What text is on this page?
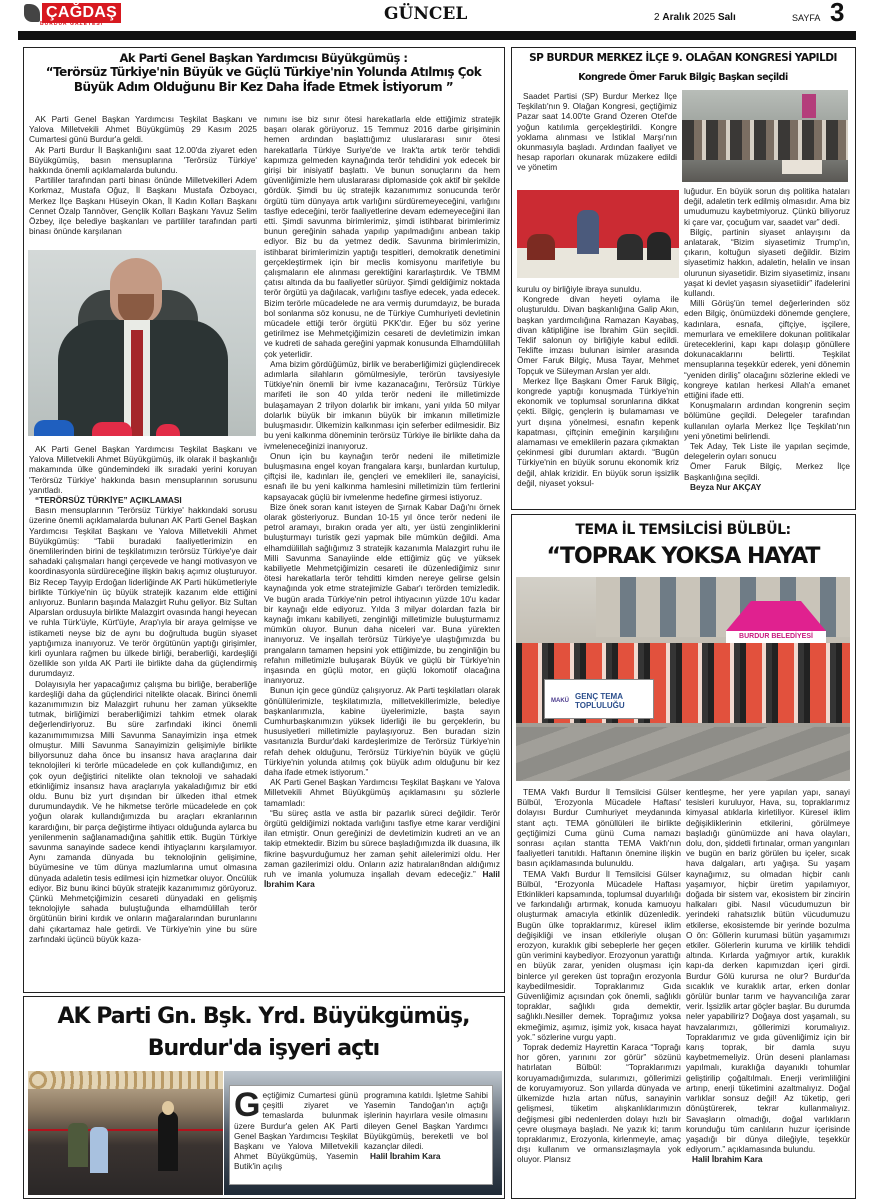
ÇAĞDAŞ
BURDUR GAZETESİ	GÜNCEL	2 Aralık 2025 Salı	SAYFA 3
Ak Parti Genel Başkan Yardımcısı Büyükgümüş :
“Terörsüz Türkiye'nin Büyük ve Güçlü Türkiye'nin Yolunda Atılmış Çok
Büyük Adım Olduğunu Bir Kez Daha İfade Etmek İstiyorum ”

AK Parti Genel Başkan Yardımcısı Teşkilat Başkanı ve Yalova Milletvekili Ahmet Büyükgümüş 29 Kasım 2025 Cumartesi günü Burdur'a geldi.

Ak Parti Burdur İl Başkanlığını saat 12.00'da ziyaret eden Büyükgümüş, basın mensuplarına 'Terörsüz Türkiye' hakkında önemli açıklamalarda bulundu.

Partililer tarafından parti binası önünde Milletvekilleri Adem Korkmaz, Mustafa Oğuz, İl Başkanı Mustafa Özboyacı, Merkez İlçe Başkanı Hüseyin Okan, İl Kadın Kolları Başkanı Cennet Özalp Tannöver, Gençlik Kolları Başkanı Yavuz Selim Özbey, ilçe belediye başkanları ve partililer tarafından parti binası önünde karşılanan

AK Parti Genel Başkan Yardımcısı Teşkilat Başkanı ve Yalova Milletvekili Ahmet Büyükgümüş, ilk olarak il başkanlığı makamında ülke gündemindeki ilk sıradaki yerini koruyan 'Terörsüz Türkiye' hakkında basın mensuplarının sorusunu yanıtladı.

“TERÖRSÜZ TÜRKİYE” AÇIKLAMASI

Basın mensuplarının 'Terörsüz Türkiye' hakkındaki sorusu üzerine önemli açıklamalarda bulunan AK Parti Genel Başkan Yardımcısı Teşkilat Başkanı ve Yalova Milletvekili Ahmet Büyükgümüş: “Tabii buradaki faaliyetlerimizin en önemlilerinden birini de teşkilatımızın terörsüz Türkiye'ye dair sahadaki çalışmaları hangi çerçevede ve hangi motivasyon ve koordinasyonla sürdüreceğine ilişkin bakış açımız oluşturuyor. Biz Recep Tayyip Erdoğan liderliğinde AK Parti hükümetleriyle birlikte Türkiye'nin üç büyük stratejik kazanım elde ettiğini anlıyoruz. Bunların başında Malazgirt Ruhu geliyor. Biz Sultan Alparslan ordusuyla birlikte Malazgirt ovasında hangi heyecan ve ruhla Türk'üyle, Kürt'üyle, Arap'ıyla bir araya gelmişse ve istikameti neyse biz de aynı bu doğrultuda bugün siyaset yaptığımıza inanıyoruz. Ve terör örgütünün yaptığı girişimler, kirli oyunlara rağmen bu ülkede birliği, beraberliği, kardeşliği özellikle son yılda AK Parti ile birlikte daha da güçlendirmiş durumdayız.

Dolayısıyla her yapacağımız çalışma bu birliğe, beraberliğe kardeşliği daha da güçlendirici nitelikte olacak. Birinci önemli kazanımımızın biz Malazgirt ruhunu her zaman yükseklte tutmak, birliğimizi beraberliğimizi tahkim etmek olarak değerlendiriyoruz. Bu süre zarfındaki ikinci önemli kazanımımımızsa Milli Savunma Sanayimizin inşa etmek olmuştur. Milli Savunma Sanayimizin gelişimiyle birlikte biliyorsunuz daha önce bu insansız hava araçlarına dair teknolojileri ki terörle mücadelede en çok kullandığımız, en çok oyun değiştirici nitelikte olan teknoloji ve sahadaki etkinliğimiz insansız hava araçlarıyla yakaladığımız bir etki oldu. Bunu biz yurt dışından bir ülkeden ithal etmek durumundaydık. Ve he hikmetse terörle mücadelede en çok yoğun olarak kullandığımızda bu araçları ekranlarının karardığını, bir parça değiştirme ihtiyacı olduğunda aylarca bu yenilenmenin sağlanamadığına şahitlik ettik. Bugün Türkiye savunma sanayinde sadece kendi ihtiyaçlarını karşılamıyor. Aynı zamanda dünyada bu teknolojinin gelişimine, büyümesine ve tüm dünya mazlumlarına umut olmasına dünyada adaletin tesis edilmesi için hizmetkar oluyor. Öncülük ediyor. Biz bunu ikinci büyük stratejik kazanımımız görüyoruz. Çünkü Mehmetçiğimizin cesareti dünyadaki en gelişmiş teknolojiyle sahada buluştuğunda elhamdülillah terör örgütünün birini kırdık ve onların mağaralarından burunlarını dahi çıkartamaz hale getirdi. Ve Türkiye'nin yine bu süre zarfındaki üçüncü büyük kaza-

nımını ise biz sınır ötesi harekatlarla elde ettiğimiz stratejik başarı olarak görüyoruz. 15 Temmuz 2016 darbe girişiminin hemen ardından başlattığımız uluslararası sınır ötesi harekatlarla Türkiye Suriye'de ve Irak'ta artık terör tehdidi kapımıza gelmeden kaynağında terör tehdidini yok edecek bir girişi bir inisiyatif başlattı. Ve bunun sonuçlarını da hem güvenliğimizle hem uluslararası diplomaside çok aktif bir şekilde gördük. Şimdi bu üç stratejik kazanımımız sonucunda terör örgütü tüm dünyaya artık varlığını sürdüremeyeceğini, varlığını tasfiye edeceğini, terör faaliyetlerine devam edemeyeceğini ilan etti. Şimdi savunma birimlerimiz, şimdi istihbarat birimlerimiz bunun gereğinin sahada yapılıp yapılmadığını anbean takip ediyor. Biz bu da yetmez dedik. Savunma birimlerimizin, istihbarat birimlerimizin yaptığı tespitleri, demokratik denetimini gerçekleştirmek için bir meclis komisyonu marifetiyle bu çalışmaların ele alınması gerektiğini kararlaştırdık. Ve TBMM çatısı altında da bu faaliyetler sürüyor. Şimdi geldiğimiz noktada terör örgütü ya dağılacak, varlığını tasfiye edecek, yada edecek. Bizim terörle mücadelede ne ara vermiş durumdayız, be burada bol sonlanma söz konusu, ne de Türkiye Cumhuriyeti devletinin mücadele ettiği terör örgütü PKK'dır. Eğer bu söz yerine getirilmez ise Mehmetçiğimizin cesareti de devletimizin imkan ve kudreti de sahada gereğini yapmak konusunda Elhamdülillah çok yeterlidir.

Ama bizim gördüğümüz, birlik ve beraberliğimizi güçlendirecek adımlarla silahların gömülmesiyle, terörün tavsiyesiyle Tütkiye'nin önemli bir ivme kazanacağını, Terörsüz Türkiye marifeti ile son 40 yılda terör nedeni ile milletimizde bulaşamayan 2 trilyon dolarlık bir imkanı, yani yılda 50 milyar dolarlık büyük bir imkanın büyük bir imkanın milletimizle buluşmasıdır. Ülkemizin kalkınması için seferber edilmesidir. Biz bu yeni kalkınma döneminin terörsüz Türkiye ile birlikte daha da ivmeleneceğinizi inanıyoruz.

Onun için bu kaynağın terör nedeni ile milletimizle buluşmasına engel koyan frangalara karşı, bunlardan kurtulup, çiftçisi ile, kadınları ile, gençleri ve emeklileri ile, sanayicisi, esnafı ile bu yeni kalkınma hamlesini milletimizin tüm fertlerini kapsayacak güçlü bir ivmelenme hedefine girmesi istiyoruz.

Bize önek soran kanıt isteyen de Şırnak Kabar Dağı'nı örnek olarak gösteriyoruz. Bundan 10-15 yıl önce terör nedeni ile petrol aramayı, bırakın orada yer altı, yer üstü zenginliklerini buluşturmayı turistik gezi yapmak bile mümkün değildi. Ama elhamdülillah sağlığımız 3 stratejik kazanımla Malazgirt ruhu ile Milli Savunma Sanayiinde elde ettiğimiz güç ve yüksek kabiliyetle Mehmetçiğimizin cesareti ile düzenlediğimiz sınır ötesi harekatlarla terör tehditti kimden nereye gelirse gelsin kaynağında yok etme stratejimizle Gabar'ı terörden temizledik. Ve bugün arada Türkiye'nin petrol ihtiyacının yüzde 10'u kadar bir kaynağı elde ediyoruz. Yılda 3 milyar dolardan fazla bir kaynağı imkanı kabiliyeti, zenginliği milletimizle buluşturmamız mümkün oluyor. Bunun daha niceleri var. Buna yürekten inanıyoruz. Ve inşallah terörsüz Türkiye'ye ulaştığımızda bu prangaların tamamen hepsini yok ettiğimizde, bu zenginliğin bu refahın milletimizle buluşarak Büyük ve güçlü bir Türkiye'nin inşasında en güçlü motor, en güçlü lokomotif olacağına inanıyoruz.

Bunun için gece gündüz çalışıyoruz. Ak Parti teşkilatları olarak gönüllülerimizle, teşkilatımızla, milletvekillerimizle, belediye başkanlarımızla, kabine üyelerimizle, başta sayın Cumhurbaşkanımızın yüksek liderliği ile bu gerçeklerin, bu hususiyetleri milletimizle paylaşıyoruz. Ben buradan sizin vasıtanızla Burdur'daki kardeşlerimize de Terörsüz Türkiye'nin refah dehek olduğunu, Terörsüz Türkiye'nin büyük ve güçlü Türkiye'nin yolunda atılmış çok büyük adım olduğunu bir kez daha ifade etmek istiyorum.”

AK Parti Genel Başkan Yardımcısı Teşkilat Başkanı ve Yalova Milletvekili Ahmet Büyükgümüş açıklamasını şu sözlerle tamamladı:

“Bu süreç astla ve astla bir pazarlık süreci değildir. Terör örgütü geldiğimizi noktada varlığını tasfiye etme karar verdiğini ilan etmiştir. Onun gereğinizi de devletimizin kudreti an ve an takip etmektedir. Bizim bu sürece başladığımızda ilk duasına, ilk fikrine başvurduğumuz her zaman şehit ailelerimizi oldu. Her zaman gazilerimizi oldu. Onların aziz hatıraları8ndan aldığımız ruh ve imanla yolumuza inşallah devam edeceğiz.” Halil İbrahim Kara

SP BURDUR MERKEZ İLÇE 9. OLAĞAN KONGRESİ YAPILDI
Kongrede Ömer Faruk Bilgiç Başkan seçildi

Saadet Partisi (SP) Burdur Merkez İlçe Teşkilatı'nın 9. Olağan Kongresi, geçtiğimiz Pazar saat 14.00'te Grand Özeren Otel'de yoğun katılımla gerçekleştirildi. Kongre yoklama alınması ve İstiklal Marşı'nın okunmasıyla başladı. Ardından faaliyet ve hesap raporları okunarak müzakere edildi ve yönetim

kurulu oy birliğiyle ibraya sunuldu.

Kongrede divan heyeti oylama ile oluşturuldu. Divan başkanlığına Galip Akın, başkan yardımcılığına Ramazan Kayabaş, divan kâtipliğine ise İbrahim Gün seçildi. Teklif salonun oy birliğiyle kabul edildi. Teklifte imzası bulunan isimler arasında Ömer Faruk Bilgiç, Musa Tayar, Mehmet Topçuk ve Süleyman Arslan yer aldı.

Merkez İlçe Başkanı Ömer Faruk Bilgiç, kongrede yaptığı konuşmada Türkiye'nin ekonomik ve toplumsal sorunlarına dikkat çekti. Bilgiç, gençlerin iş bulamaması ve yurt dışına yönelmesi, esnafın kepenk kapatması, çiftçinin emeğinin karşılığını alamaması ve emeklilerin pazara çıkmaktan çekinmesi gibi durumları aktardı. “Bugün Türkiye'nin en büyük sorunu ekonomik kriz değil, ahlak krizidir. En büyük sorun işsizlik değil, niyaset yoksul-

luğudur. En büyük sorun dış politika hataları değil, adaletin terk edilmiş olmasıdır. Ama biz umudumuzu kaybetmiyoruz. Çünkü biliyoruz ki çare var, çocuğum var, saadet var” dedi.

Bilgiç, partinin siyaset anlayışını da anlatarak, “Bizim siyasetimiz Trump'ın, çıkarın, koltuğun siyaseti değildir. Bizim siyasetimiz hakkın, adaletin, helalin ve insan olurunun siyasetidir. Bizim siyasetimiz, insanı yaşat ki devlet yaşasın siyasetiidir” ifadelerini kullandı.

Milli Görüş'ün temel değerlerinden söz eden Bilgiç, önümüzdeki dönemde gençlere, kadınlara, esnafa, çiftçiye, işçilere, memurlara ve emeklilere dokunan politikalar üreteceklerini, kapı kapı dolaşıp gönüllere dokunacaklarını belirtti. Teşkilat mensuplarına teşekkür ederek, yeni dönemin “yeniden diriliş” olacağını sözlerine ekledi ve kongreye katılan herkesi Allah'a emanet ettiğini ifade etti.

Konuşmaların ardından kongrenin seçim bölümüne geçildi. Delegeler tarafından kullanılan oylarla Merkez İlçe Teşkilatı'nın yeni yönetimi belirlendi.

Tek Aday, Tek Liste ile yapılan seçimde, delegelerin oyları sonucu

Ömer Faruk Bilgiç, Merkez İlçe Başkanlığına seçildi.

Beyza Nur AKÇAY

TEMA İL TEMSİLCİSİ BÜLBÜL:
“TOPRAK YOKSA HAYAT
BURDUR BELEDİYESİ
MAKÜ GENÇ TEMA TOPLULUĞU

TEMA Vakfı Burdur İl Temsilcisi Gülser Bülbül, 'Erozyonla Mücadele Haftası' dolayısı Burdur Cumhuriyet meydanında stant açtı. TEMA gönüllüleri ile birlikte geçtiğimizi Cuma günü Cuma namazı sonrası açılan stantta TEMA Vakfı'nın faaliyetleri tanıtıldı. Haftanın önemine ilişkin basın açıklamasında bulunuldu.

TEMA Vakfı Burdur İl Temsilcisi Gülser Bülbül, “Erozyonla Mücadele Haftası Etkinlikleri kapsamında, toplumsal duyarlılığı ve farkındalığı artırmak, konuda kamuoyu oluşturmak amacıyla etkinlik düzenledik. Bugün ülke topraklarımız, küresel iklim değişikliği ve insan etkileriyle oluşan erozyon, kuraklık gibi sebeplerle her geçen gün verimini kaybediyor. Erozyonun yarattığı en büyük zarar, yeniden oluşması için binlerce yıl gereken üst toprağın erozyonla kaybedilmesidir. Topraklarımız Gıda Güvenliğimiz açısından çok önemli, sağlıklı topraklar, sağlıklı gıda demektir, sağlıklı.Nesiller demek. Toprağımız yoksa ekmeğimiz, aşımız, işimiz yok, kısaca hayat yok.” sözlerine vurgu yaptı.

Toprak dedemiz Hayrettin Karaca “Toprağı hor gören, yarınını zor görür” sözünü hatırlatan Bülbül: “Topraklarımızı koruyamadığımızda, sularımızı, göllerimizi de koruyamıyoruz. Son yıllarda dünyada ve ülkemizde hızla artan nüfus, sanayinin gelişmesi, tüketim alışkanlıklarımızın değişmesi gibi nedenlerden dolayı hızlı bir çevre oluşmaya başladı. Ne yazık ki; tarım topraklarımız, Erozyonla, kirlenmeyle, amaç dışı kullanım ve ormansızlaşmayla yok oluyor. Plansız

kentleşme, her yere yapılan yapı, sanayi tesisleri kuruluyor, Hava, su, topraklarımız kimyasal atıklarla kirletiliyor. Küresel iklim değişikliklerinin etkilerini, görülmeye başladığı günümüzde ani hava olayları, dolu, don, şiddetli fırtınalar, orman yangınları ve bugün en bariz görülen bu içeler, sıcak hava dalgaları, artı yağışa. Su yaşam kaynağımız, su olmadan hiçbir canlı yaşamıyor, hiçbir üretim yapılamıyor, doğada bir sistem var, ekosistem bir zincirin halkaları gibi. Nasıl vücudumuzun bir yerindeki rahatsızlık bütün vücudumuzu etkilerse, ekosistemde bir yerinde bozulma O ön: Göllerin kurumasi bütün yaşamımızı etkiler. Gölerlerin kuruma ve kirlilik tehdidi altında. Kırlarda yağmıyor artık, kuraklık kapı-da derken kapımızdan içeri girdi. Burdur Gölü kurursa ne olur? Burdur'da sıcaklık ve kuraklık artar, erken donlar görülür bunlar tarım ve hayvancılığa zarar verir. İşsizlik artar göçler başlar. Bu durumda neler yapabiliriz? Doğaya dost yaşamalı, su havzalarımızı, göllerimizi korumalıyız. Topraklarımız ve gıda güvenliğimiz için bir karış toprak, bir damla suyu kaybetmemeliyiz. Ürün deseni planlaması yapılmalı, kuraklığa dayanıklı tohumlar geliştirilip çoğaltılmalı. Enerji verimliliğini artırıp, enerji tüketimini azaltmalıyız. Doğal varlıklar sonsuz değil! Az tüketip, geri dönüştürerek, tekrar kullanmalıyız. Savaşların olmadığı, doğal varlıkların korunduğu tüm canlıların huzur içerisinde yaşadığı bir dünya dileğiyle, teşekkür ediyorum.” açıklamasında bulundu.

Halil İbrahim Kara

AK Parti Gn. Bşk. Yrd. Büyükgümüş,
Burdur'da işyeri açtı
G eçtiğimiz Cumartesi günü çeşitli ziyaret ve temaslarda bulunmak üzere Burdur'a gelen AK Parti Genel Başkan Yardımcısı Teşkilat Başkanı ve Yalova Milletvekili Ahmet Büyükgümüş, Yasemin Butik'in açılış

programına katıldı. İşletme Sahibi Yasemin Tandoğan'ın açtığı işlerinin hayırlara vesile olmasını dileyen Genel Başkan Yardımcı Büyükgümüş, bereketli ve bol kazançlar diledi.

Halil İbrahim Kara
